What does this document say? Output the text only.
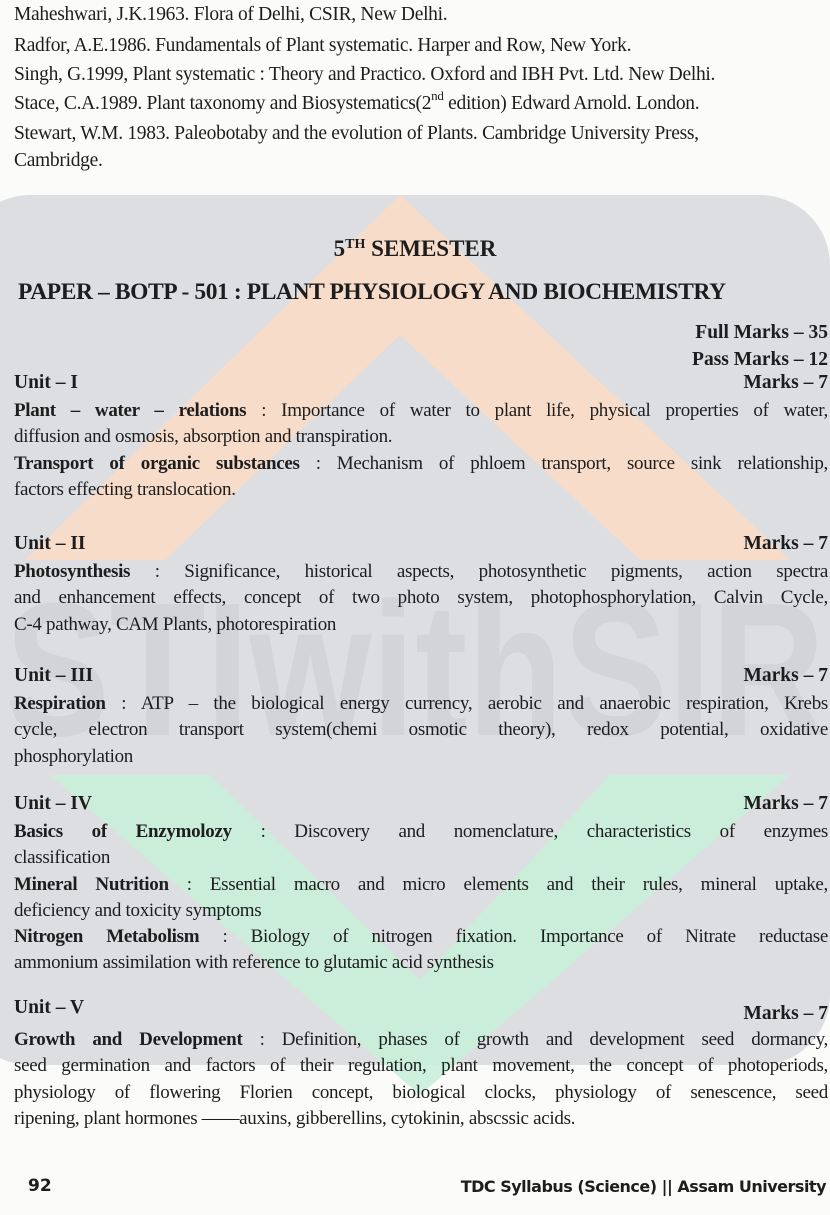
STIwithSIR
Maheshwari, J.K.1963. Flora of Delhi, CSIR, New Delhi.
Radfor, A.E.1986. Fundamentals of Plant systematic. Harper and Row, New York.
Singh, G.1999, Plant systematic : Theory and Practico. Oxford and IBH Pvt. Ltd. New Delhi.
Stace, C.A.1989. Plant taxonomy and Biosystematics(2nd edition) Edward Arnold. London.
Stewart, W.M. 1983. Paleobotaby and the evolution of Plants. Cambridge University Press,
Cambridge.
5TH SEMESTER
PAPER – BOTP - 501 : PLANT PHYSIOLOGY AND BIOCHEMISTRY
Full Marks – 35
Pass Marks – 12
Unit – I	Marks – 7
Plant – water – relations : Importance of water to plant life, physical properties of water,
diffusion and osmosis, absorption and transpiration.
Transport of organic substances : Mechanism of phloem transport, source sink relationship,
factors effecting translocation.
Unit – II	Marks – 7
Photosynthesis : Significance, historical aspects, photosynthetic pigments, action spectra
and enhancement effects, concept of two photo system, photophosphorylation, Calvin Cycle,
C-4 pathway, CAM Plants, photorespiration
Unit – III	Marks – 7
Respiration : ATP – the biological energy currency, aerobic and anaerobic respiration, Krebs
cycle, electron transport system(chemi osmotic theory), redox potential, oxidative
phosphorylation
Unit – IV	Marks – 7
Basics of Enzymolozy : Discovery and nomenclature, characteristics of enzymes
classification
Mineral Nutrition : Essential macro and micro elements and their rules, mineral uptake,
deficiency and toxicity symptoms
Nitrogen Metabolism : Biology of nitrogen fixation. Importance of Nitrate reductase
ammonium assimilation with reference to glutamic acid synthesis
Unit – V	Marks – 7
Growth and Development : Definition, phases of growth and development seed dormancy,
seed germination and factors of their regulation, plant movement, the concept of photoperiods,
physiology of flowering Florien concept, biological clocks, physiology of senescence, seed
ripening, plant hormones ——auxins, gibberellins, cytokinin, abscssic acids.
92	TDC Syllabus (Science) || Assam University
